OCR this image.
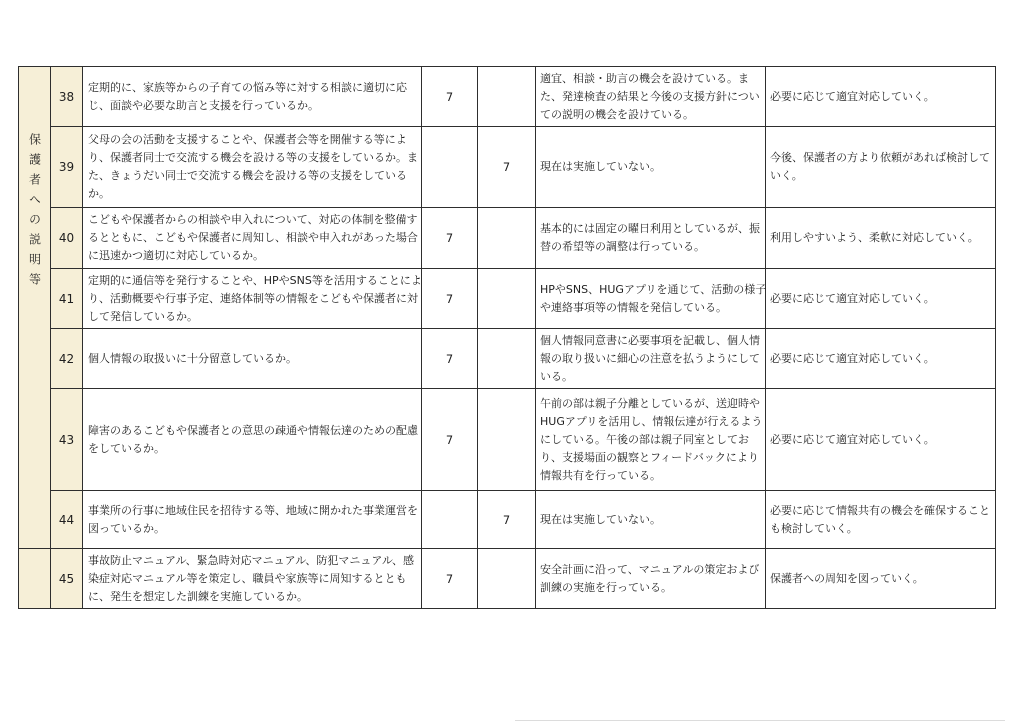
保護者への説明等	38	定期的に、家族等からの子育ての悩み等に対する相談に適切に応
じ、面談や必要な助言と支援を行っているか。	7		適宜、相談・助言の機会を設けている。ま
た、発達検査の結果と今後の支援方針につい
ての説明の機会を設けている。	必要に応じて適宜対応していく。
	39	父母の会の活動を支援することや、保護者会等を開催する等によ
り、保護者同士で交流する機会を設ける等の支援をしているか。ま
た、きょうだい同士で交流する機会を設ける等の支援をしている
か。		7	現在は実施していない。	今後、保護者の方より依頼があれば検討して
いく。
	40	こどもや保護者からの相談や申入れについて、対応の体制を整備す
るとともに、こどもや保護者に周知し、相談や申入れがあった場合
に迅速かつ適切に対応しているか。	7		基本的には固定の曜日利用としているが、振
替の希望等の調整は行っている。	利用しやすいよう、柔軟に対応していく。
	41	定期的に通信等を発行することや、HPやSNS等を活用することによ
り、活動概要や行事予定、連絡体制等の情報をこどもや保護者に対
して発信しているか。	7		HPやSNS、HUGアプリを通じて、活動の様子
や連絡事項等の情報を発信している。	必要に応じて適宜対応していく。
	42	個人情報の取扱いに十分留意しているか。	7		個人情報同意書に必要事項を記載し、個人情
報の取り扱いに細心の注意を払うようにして
いる。	必要に応じて適宜対応していく。
	43	障害のあるこどもや保護者との意思の疎通や情報伝達のための配慮
をしているか。	7		午前の部は親子分離としているが、送迎時や
HUGアプリを活用し、情報伝達が行えるよう
にしている。午後の部は親子同室としてお
り、支援場面の観察とフィードバックにより
情報共有を行っている。	必要に応じて適宜対応していく。
	44	事業所の行事に地域住民を招待する等、地域に開かれた事業運営を
図っているか。		7	現在は実施していない。	必要に応じて情報共有の機会を確保すること
も検討していく。
	45	事故防止マニュアル、緊急時対応マニュアル、防犯マニュアル、感
染症対応マニュアル等を策定し、職員や家族等に周知するととも
に、発生を想定した訓練を実施しているか。	7		安全計画に沿って、マニュアルの策定および
訓練の実施を行っている。	保護者への周知を図っていく。
